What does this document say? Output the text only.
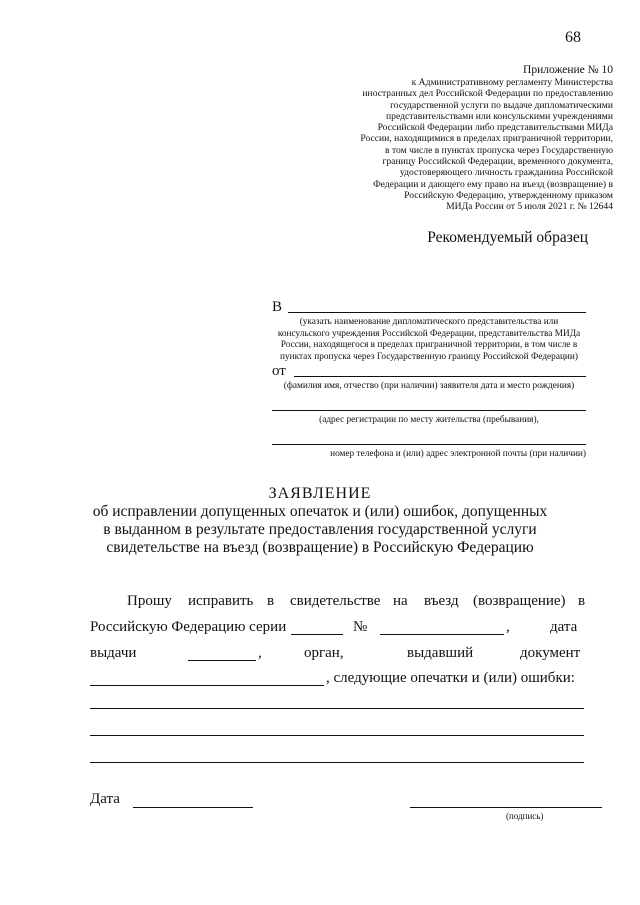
68
Приложение № 10
к Административному регламенту Министерства
иностранных дел Российской Федерации по предоставлению
государственной услуги по выдаче дипломатическими
представительствами или консульскими учреждениями
Российской Федерации либо представительствами МИДа
России, находящимися в пределах приграничной территории,
в том числе в пунктах пропуска через Государственную
границу Российской Федерации, временного документа,
удостоверяющего личность гражданина Российской
Федерации и дающего ему право на въезд (возвращение) в
Российскую Федерацию, утвержденному приказом
МИДа России от 5 июля 2021 г. № 12644
Рекомендуемый образец
В
(указать наименование дипломатического представительства или
консульского учреждения Российской Федерации, представительства МИДа
России, находящегося в пределах приграничной территории, в том числе в
пунктах пропуска через Государственную границу Российской Федерации)
от
(фамилия имя, отчество (при наличии) заявителя дата и место рождения)
(адрес регистрации по месту жительства (пребывания),
номер телефона и (или) адрес электронной почты (при наличии)
ЗАЯВЛЕНИЕ
об исправлении допущенных опечаток и (или) ошибок, допущенных
в выданном в результате предоставления государственной услуги
свидетельстве на въезд (возвращение) в Российскую Федерацию
Прошу исправить в свидетельстве на въезд (возвращение) в
Российскую Федерацию серии	№	,	дата
выдачи	,	орган,	выдавший	документ
, следующие опечатки и (или) ошибки:
Дата
(подпись)
